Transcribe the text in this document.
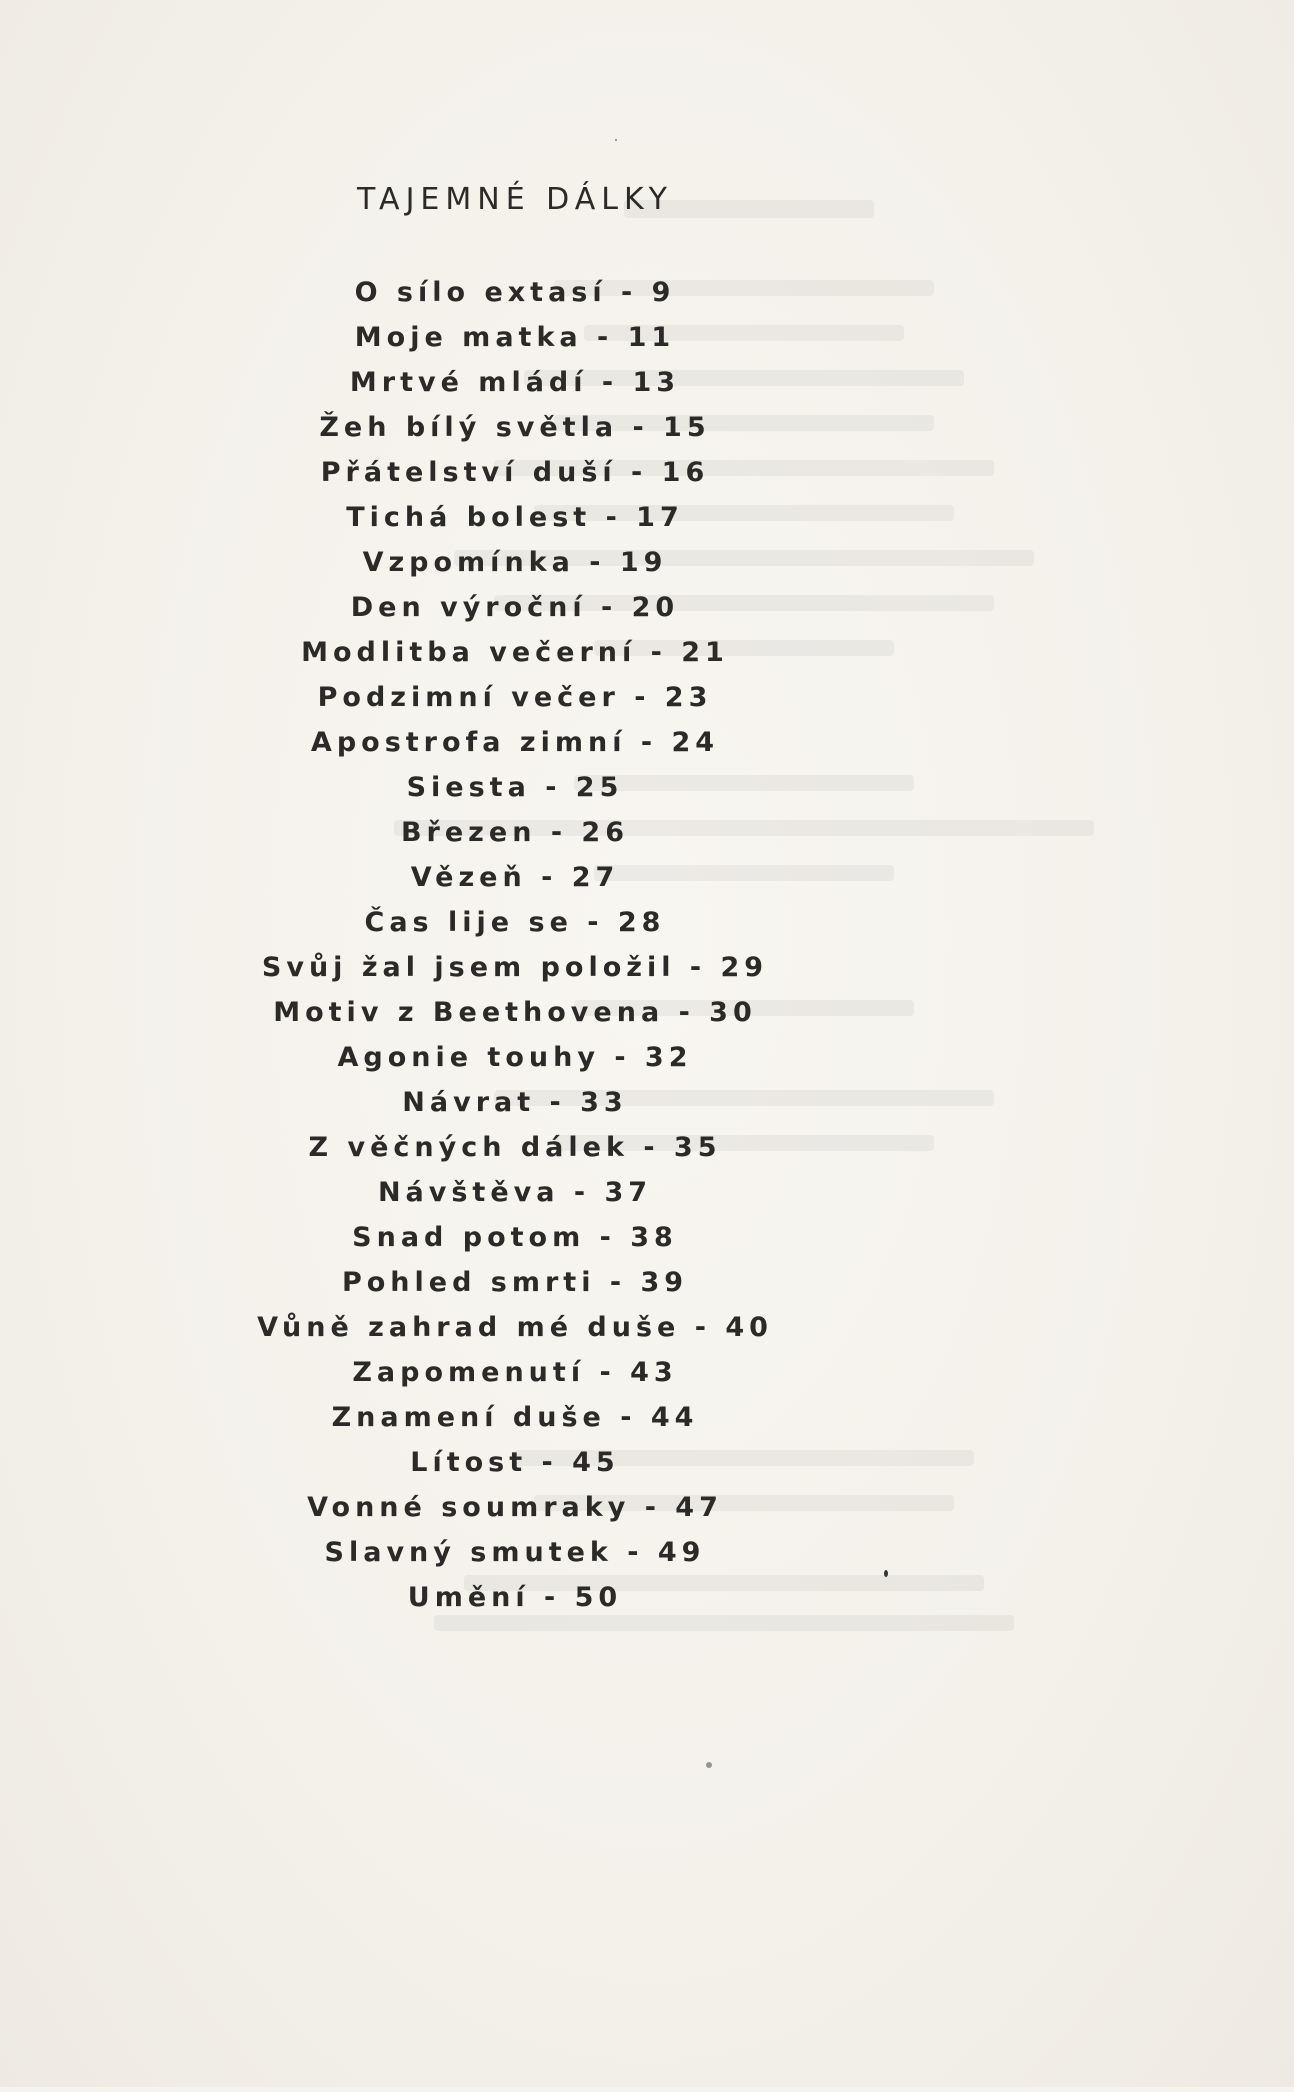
TAJEMNÉ DÁLKY
O sílo extasí - 9
Moje matka - 11
Mrtvé mládí - 13
Žeh bílý světla - 15
Přátelství duší - 16
Tichá bolest - 17
Vzpomínka - 19
Den výroční - 20
Modlitba večerní - 21
Podzimní večer - 23
Apostrofa zimní - 24
Siesta - 25
Březen - 26
Vězeň - 27
Čas lije se - 28
Svůj žal jsem položil - 29
Motiv z Beethovena - 30
Agonie touhy - 32
Návrat - 33
Z věčných dálek - 35
Návštěva - 37
Snad potom - 38
Pohled smrti - 39
Vůně zahrad mé duše - 40
Zapomenutí - 43
Znamení duše - 44
Lítost - 45
Vonné soumraky - 47
Slavný smutek - 49
Umění - 50
